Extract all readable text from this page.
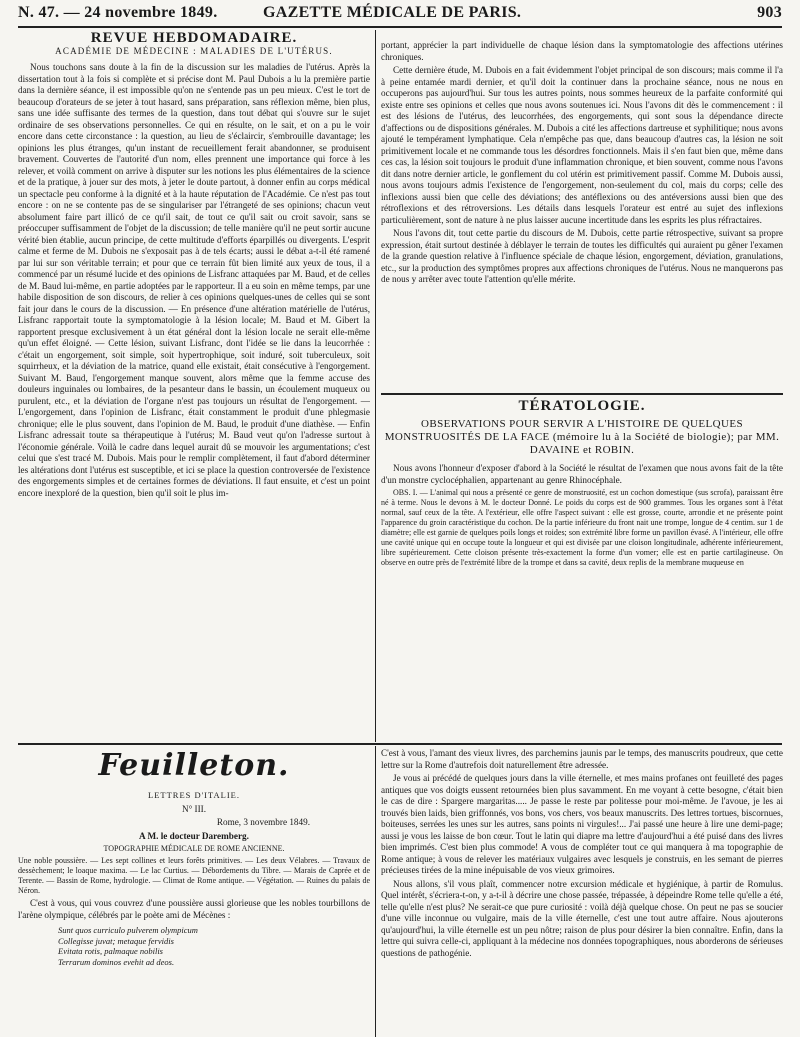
N. 47. — 24 novembre 1849.	GAZETTE MÉDICALE DE PARIS.	903
REVUE HEBDOMADAIRE.
ACADÉMIE DE MÉDECINE : MALADIES DE L'UTÉRUS.

Nous touchons sans doute à la fin de la discussion sur les maladies de l'utérus. Après la dissertation tout à la fois si complète et si précise dont M. Paul Dubois a lu la première partie dans la dernière séance, il est impossible qu'on ne s'entende pas un peu mieux. C'est le tort de beaucoup d'orateurs de se jeter à tout hasard, sans préparation, sans réflexion même, bien plus, sans une idée suffisante des termes de la question, dans tout débat qui s'ouvre sur le sujet ordinaire de ses observations personnelles. Ce qui en résulte, on le sait, et on a pu le voir encore dans cette circonstance : la question, au lieu de s'éclaircir, s'embrouille davantage; les opinions les plus étranges, qu'un instant de recueillement ferait abandonner, se produisent bravement. Couvertes de l'autorité d'un nom, elles prennent une importance qui force à les relever, et voilà comment on arrive à disputer sur les notions les plus élémentaires de la science et de la pratique, à jouer sur des mots, à jeter le doute partout, à donner enfin au corps médical un spectacle peu conforme à la dignité et à la haute réputation de l'Académie. Ce n'est pas tout encore : on ne se contente pas de se singulariser par l'étrangeté de ses opinions; chacun veut absolument faire part illicó de ce qu'il sait, de tout ce qu'il sait ou croit savoir, sans se préoccuper suffisamment de l'objet de la discussion; de telle manière qu'il ne peut sortir aucune vérité bien établie, aucun principe, de cette multitude d'efforts éparpillés ou divergents. L'esprit calme et ferme de M. Dubois ne s'exposait pas à de tels écarts; aussi le débat a-t-il été ramené par lui sur son véritable terrain; et pour que ce terrain fût bien limité aux yeux de tous, il a commencé par un résumé lucide et des opinions de Lisfranc attaquées par M. Baud, et de celles de M. Baud lui-même, en partie adoptées par le rapporteur. Il a eu soin en même temps, par une habile disposition de son discours, de relier à ces opinions quelques-unes de celles qui se sont fait jour dans le cours de la discussion. — En présence d'une altération matérielle de l'utérus, Lisfranc rapportait toute la symptomatologie à la lésion locale; M. Baud et M. Gibert la rapportent presque exclusivement à un état général dont la lésion locale ne serait elle-même qu'un effet éloigné. — Cette lésion, suivant Lisfranc, dont l'idée se lie dans la leucorrhée : c'était un engorgement, soit simple, soit hypertrophique, soit induré, soit tuberculeux, soit squirrheux, et la déviation de la matrice, quand elle existait, était consécutive à l'engorgement. Suivant M. Baud, l'engorgement manque souvent, alors même que la femme accuse des douleurs inguinales ou lombaires, de la pesanteur dans le bassin, un écoulement muqueux ou purulent, etc., et la déviation de l'organe n'est pas toujours un résultat de l'engorgement. — L'engorgement, dans l'opinion de Lisfranc, était constamment le produit d'une phlegmasie chronique; elle le plus souvent, dans l'opinion de M. Baud, le produit d'une diathèse. — Enfin Lisfranc adressait toute sa thérapeutique à l'utérus; M. Baud veut qu'on l'adresse surtout à l'économie générale. Voilà le cadre dans lequel aurait dû se mouvoir les argumentations; c'est celui que s'est tracé M. Dubois. Mais pour le remplir complètement, il faut d'abord déterminer les altérations dont l'utérus est susceptible, et ici se place la question controversée de l'existence des engorgements simples et de certaines formes de déviations. Il faut ensuite, et c'est un point encore inexploré de la question, bien qu'il soit le plus im-

portant, apprécier la part individuelle de chaque lésion dans la symptomatologie des affections utérines chroniques.

Cette dernière étude, M. Dubois en a fait évidemment l'objet principal de son discours; mais comme il l'a à peine entamée mardi dernier, et qu'il doit la continuer dans la prochaine séance, nous ne nous en occuperons pas aujourd'hui. Sur tous les autres points, nous sommes heureux de la parfaite conformité qui existe entre ses opinions et celles que nous avons soutenues ici. Nous l'avons dit dès le commencement : il est des lésions de l'utérus, des leucorrhées, des engorgements, qui sont sous la dépendance directe d'affections ou de dispositions générales. M. Dubois a cité les affections dartreuse et syphilitique; nous avons ajouté le tempérament lymphatique. Cela n'empêche pas que, dans beaucoup d'autres cas, la lésion ne soit primitivement locale et ne commande tous les désordres fonctionnels. Mais il s'en faut bien que, même dans ces cas, la lésion soit toujours le produit d'une inflammation chronique, et bien souvent, comme nous l'avons dit dans notre dernier article, le gonflement du col utérin est primitivement passif. Comme M. Dubois aussi, nous avons toujours admis l'existence de l'engorgement, non-seulement du col, mais du corps; celle des inflexions aussi bien que celle des déviations; des antéflexions ou des antéversions aussi bien que des rétroflexions et des rétroversions. Les détails dans lesquels l'orateur est entré au sujet des inflexions particulièrement, sont de nature à ne plus laisser aucune incertitude dans les esprits les plus réfractaires.

Nous l'avons dit, tout cette partie du discours de M. Dubois, cette partie rétrospective, suivant sa propre expression, était surtout destinée à déblayer le terrain de toutes les difficultés qui auraient pu gêner l'examen de la grande question relative à l'influence spéciale de chaque lésion, engorgement, déviation, granulations, etc., sur la production des symptômes propres aux affections chroniques de l'utérus. Nous ne manquerons pas de nous y arrêter avec toute l'attention qu'elle mérite.

TÉRATOLOGIE.
OBSERVATIONS POUR SERVIR A L'HISTOIRE DE QUELQUES MONSTRUOSITÉS DE LA FACE (mémoire lu à la Société de biologie); par MM. DAVAINE et ROBIN.

Nous avons l'honneur d'exposer d'abord à la Société le résultat de l'examen que nous avons fait de la tête d'un monstre cyclocéphalien, appartenant au genre Rhinocéphale.

OBS. I. — L'animal qui nous a présenté ce genre de monstruosité, est un cochon domestique (sus scrofa), paraissant être né à terme. Nous le devons à M. le docteur Donné. Le poids du corps est de 900 grammes. Tous les organes sont à l'état normal, sauf ceux de la tête. A l'extérieur, elle offre l'aspect suivant : elle est grosse, courte, arrondie et ne présente point l'apparence du groin caractéristique du cochon. De la partie inférieure du front nait une trompe, longue de 4 centim. sur 1 de diamètre; elle est garnie de quelques poils longs et roides; son extrémité libre forme un pavillon évasé. A l'intérieur, elle offre une cavité unique qui en occupe toute la longueur et qui est divisée par une cloison longitudinale, adhérente inférieurement, libre supérieurement. Cette cloison présente très-exactement la forme d'un vomer; elle est en partie cartilagineuse. On observe en outre près de l'extrémité libre de la trompe et dans sa cavité, deux replis de la membrane muqueuse en

Feuilleton.

LETTRES D'ITALIE.

N° III.

Rome, 3 novembre 1849.

A M. le docteur Daremberg.

TOPOGRAPHIE MÉDICALE DE ROME ANCIENNE.

Une noble poussière. — Les sept collines et leurs forêts primitives. — Les deux Vélabres. — Travaux de dessèchement; le loaque maxima. — Le lac Curtius. — Débordements du Tibre. — Marais de Caprée et de Terente. — Bassin de Rome, hydrologie. — Climat de Rome antique. — Végétation. — Ruines du palais de Néron.

C'est à vous, qui vous couvrez d'une poussière aussi glorieuse que les nobles tourbillons de l'arène olympique, célébrés par le poète ami de Mécènes :

Sunt quos curriculo pulverem olympicum
Collegisse juvat; metaque fervidis
Evitata rotis, palmaque nobilis
Terrarum dominos evehit ad deos.

C'est à vous, l'amant des vieux livres, des parchemins jaunis par le temps, des manuscrits poudreux, que cette lettre sur la Rome d'autrefois doit naturellement être adressée.

Je vous ai précédé de quelques jours dans la ville éternelle, et mes mains profanes ont feuilleté des pages antiques que vos doigts eussent retournées bien plus savamment. En me voyant à cette besogne, c'était bien le cas de dire : Spargere margaritas..... Je passe le reste par politesse pour moi-même. Je l'avoue, je les ai trouvés bien laids, bien griffonnés, vos bons, vos chers, vos beaux manuscrits. Des lettres tortues, biscornues, boiteuses, serrées les unes sur les autres, sans points ni virgules!... J'ai passé une heure à lire une demi-page; aussi je vous les laisse de bon cœur. Tout le latin qui diapre ma lettre d'aujourd'hui a été puisé dans des livres bien imprimés. C'est bien plus commode! A vous de compléter tout ce qui manquera à ma topographie de Rome antique; à vous de relever les matériaux vulgaires avec lesquels je construis, en les semant de pierres précieuses tirées de la mine inépuisable de vos vieux grimoires.

Nous allons, s'il vous plaît, commencer notre excursion médicale et hygiénique, à partir de Romulus. Quel intérêt, s'écriera-t-on, y a-t-il à décrire une chose passée, trépassée, à dépeindre Rome telle qu'elle a été, telle qu'elle n'est plus? Ne serait-ce que pure curiosité : voilà déjà quelque chose. On peut ne pas se soucier d'une ville inconnue ou vulgaire, mais de la ville éternelle, c'est une tout autre affaire. Nous ajouterons qu'aujourd'hui, la ville éternelle est un peu nôtre; raison de plus pour désirer la bien connaître. Enfin, dans la lettre qui suivra celle-ci, appliquant à la médecine nos données topographiques, nous aborderons de sérieuses questions de pathogénie.
